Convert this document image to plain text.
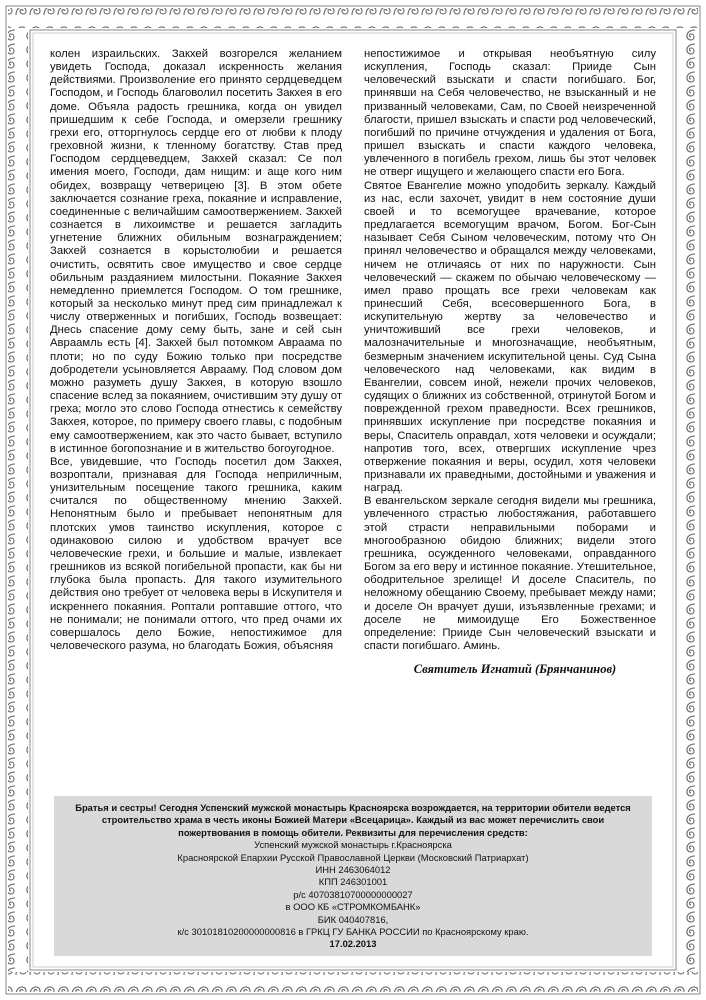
колен израильских. Закхей возгорелся желанием увидеть Господа, доказал искренность желания действиями. Произволение его принято сердцеведцем Господом, и Господь благоволил посетить Закхея в его доме. Объяла радость грешника, когда он увидел пришедшим к себе Господа, и омерзели грешнику грехи его, отторгнулось сердце его от любви к плоду греховной жизни, к тленному богатству. Став пред Господом сердцеведцем, Закхей сказал: Се пол имения моего, Господи, дам нищим: и аще кого ним обидех, возвращу четверицею [3]. В этом обете заключается сознание греха, покаяние и исправление, соединенные с величайшим самоотвержением. Закхей сознается в лихоимстве и решается загладить угнетение ближних обильным вознаграждением; Закхей сознается в корыстолюбии и решается очистить, освятить свое имущество и свое сердце обильным раздаянием милостыни. Покаяние Закхея немедленно приемлется Господом. О том грешнике, который за несколько минут пред сим принадлежал к числу отверженных и погибших, Господь возвещает: Днесь спасение дому сему быть, зане и сей сын Авраамль есть [4]. Закхей был потомком Авраама по плоти; но по суду Божию только при посредстве добродетели усыновляется Аврааму. Под словом дом можно разуметь душу Закхея, в которую взошло спасение вслед за покаянием, очистившим эту душу от греха; могло это слово Господа отнестись к семейству Закхея, которое, по примеру своего главы, с подобным ему самоотвержением, как это часто бывает, вступило в истинное богопознание и в жительство богоугодное.

Все, увидевшие, что Господь посетил дом Закхея, возроптали, признавая для Господа неприличным, унизительным посещение такого грешника, каким считался по общественному мнению Закхей. Непонятным было и пребывает непонятным для плотских умов таинство искупления, которое с одинаковою силою и удобством врачует все человеческие грехи, и большие и малые, извлекает грешников из всякой погибельной пропасти, как бы ни глубока была пропасть. Для такого изумительного действия оно требует от человека веры в Искупителя и искреннего покаяния. Роптали роптавшие оттого, что не понимали; не понимали оттого, что пред очами их совершалось дело Божие, непостижимое для человеческого разума, но благодать Божия, объясняя

непостижимое и открывая необъятную силу искупления, Господь сказал: Прииде Сын человеческий взыскати и спасти погибшаго. Бог, принявши на Себя человечество, не взысканный и не призванный человеками, Сам, по Своей неизреченной благости, пришел взыскать и спасти род человеческий, погибший по причине отчуждения и удаления от Бога, пришел взыскать и спасти каждого человека, увлеченного в погибель грехом, лишь бы этот человек не отверг ищущего и желающего спасти его Бога.

Святое Евангелие можно уподобить зеркалу. Каждый из нас, если захочет, увидит в нем состояние души своей и то всемогущее врачевание, которое предлагается всемогущим врачом, Богом. Бог-Сын называет Себя Сыном человеческим, потому что Он принял человечество и обращался между человеками, ничем не отличаясь от них по наружности. Сын человеческий — скажем по обычаю человеческому — имел право прощать все грехи человекам как принесший Себя, всесовершенного Бога, в искупительную жертву за человечество и уничтоживший все грехи человеков, и малозначительные и многозначащие, необъятным, безмерным значением искупительной цены. Суд Сына человеческого над человеками, как видим в Евангелии, совсем иной, нежели прочих человеков, судящих о ближних из собственной, отринутой Богом и поврежденной грехом праведности. Всех грешников, принявших искупление при посредстве покаяния и веры, Спаситель оправдал, хотя человеки и осуждали; напротив того, всех, отвергших искупление чрез отвержение покаяния и веры, осудил, хотя человеки признавали их праведными, достойными и уважения и наград.

В евангельском зеркале сегодня видели мы грешника, увлеченного страстью любостяжания, работавшего этой страсти неправильными поборами и многообразною обидою ближних; видели этого грешника, осужденного человеками, оправданного Богом за его веру и истинное покаяние. Утешительное, ободрительное зрелище! И доселе Спаситель, по неложному обещанию Своему, пребывает между нами; и доселе Он врачует души, изъязвленные грехами; и доселе не мимоидуще Его Божественное определение: Прииде Сын человеческий взыскати и спасти погибшаго. Аминь.

Святитель Игнатий (Брянчанинов)
Братья и сестры! Сегодня Успенский мужской монастырь Красноярска возрождается, на территории обители ведется строительство храма в честь иконы Божией Матери «Всецарица». Каждый из вас может перечислить свои пожертвования в помощь обители. Реквизиты для перечисления средств:
Успенский мужской монастырь г.Красноярска
Красноярской Епархии Русской Православной Церкви (Московский Патриархат)
ИНН 2463064012
КПП 246301001
р/с 40703810700000000027
в ООО КБ «СТРОМКОМБАНК»
БИК 040407816,
к/с 30101810200000000816 в ГРКЦ ГУ БАНКА РОССИИ по Красноярскому краю.
17.02.2013
